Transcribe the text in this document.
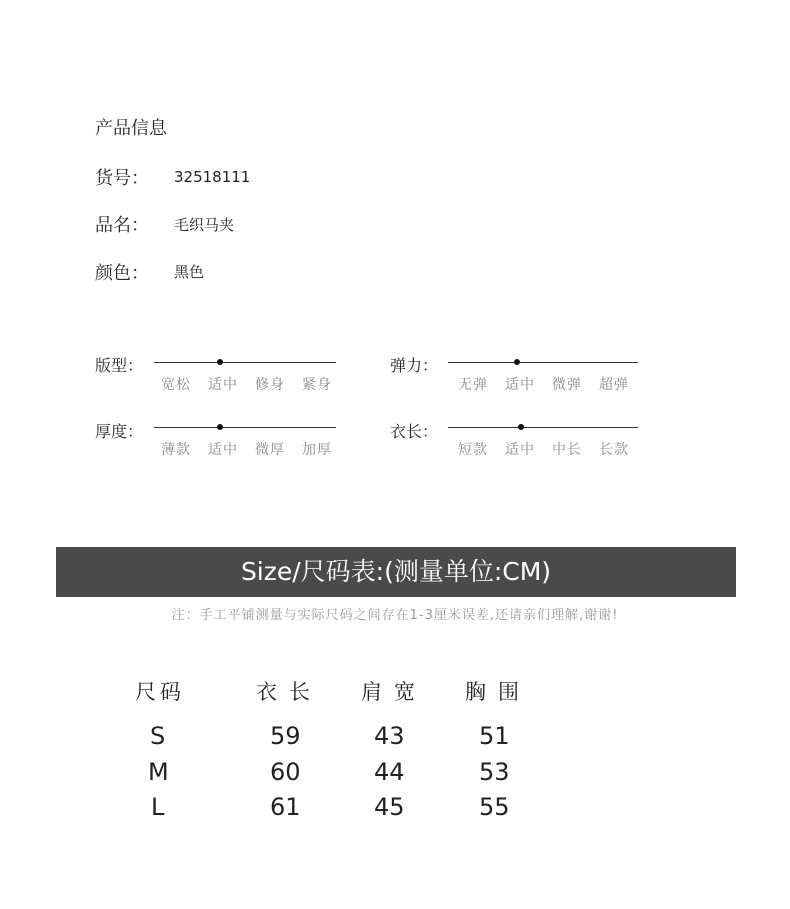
产品信息
货号： 32518111
品名： 毛织马夹
颜色： 黑色
版型：
宽松 适中 修身 紧身
弹力：
无弹 适中 微弹 超弹
厚度：
薄款 适中 微厚 加厚
衣长：
短款 适中 中长 长款
Size/尺码表:(测量单位:CM)
注：手工平铺测量与实际尺码之间存在1-3厘米误差,还请亲们理解,谢谢!
尺码	衣长 肩宽 胸围
S	59	43	51
M	60	44	53
L	61	45	55
